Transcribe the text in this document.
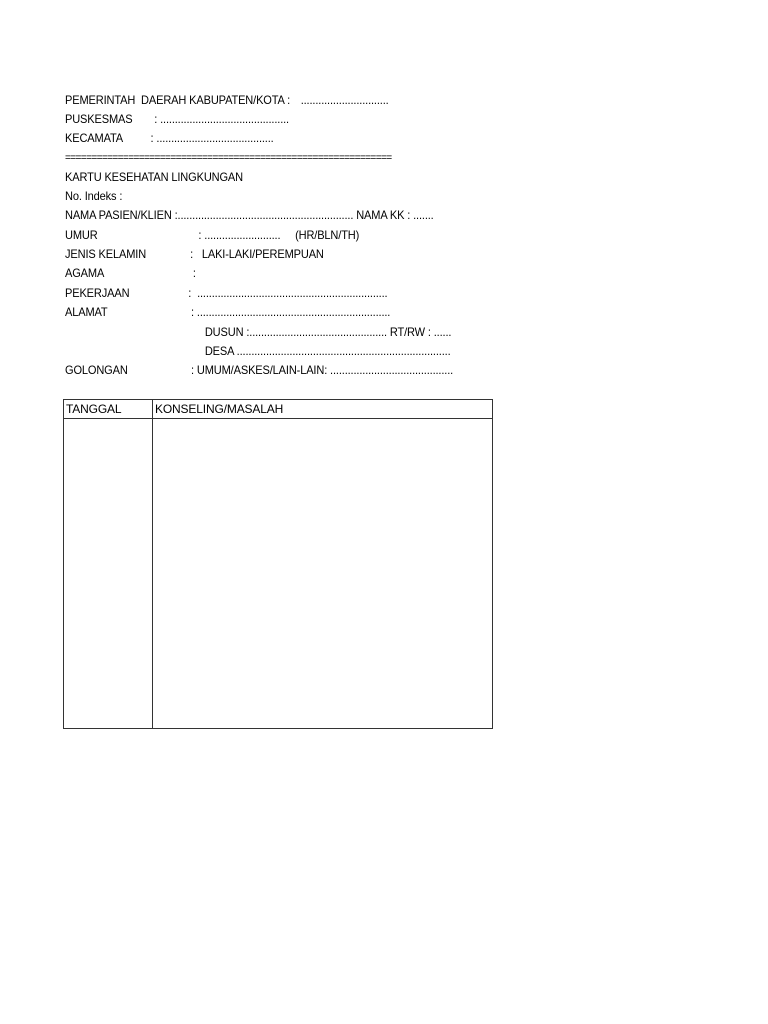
PEMERINTAH  DAERAH KABUPATEN/KOTA :

..............................

PUSKESMAS

: ............................................

KECAMATA

: ........................................

==============================================================

KARTU KESEHATAN LINGKUNGAN

No. Indeks :

NAMA PASIEN/KLIEN :............................................................ NAMA KK : .......

UMUR

	: ..........................     (HR/BLN/TH)

JENIS KELAMIN

	:   LAKI-LAKI/PEREMPUAN

AGAMA

	:

PEKERJAAN

	:  .................................................................

ALAMAT

	: ..................................................................

DUSUN :............................................... RT/RW : ......

DESA .........................................................................

GOLONGAN

	: UMUM/ASKES/LAIN-LAIN: ..........................................

TANGGAL	KONSELING/MASALAH
